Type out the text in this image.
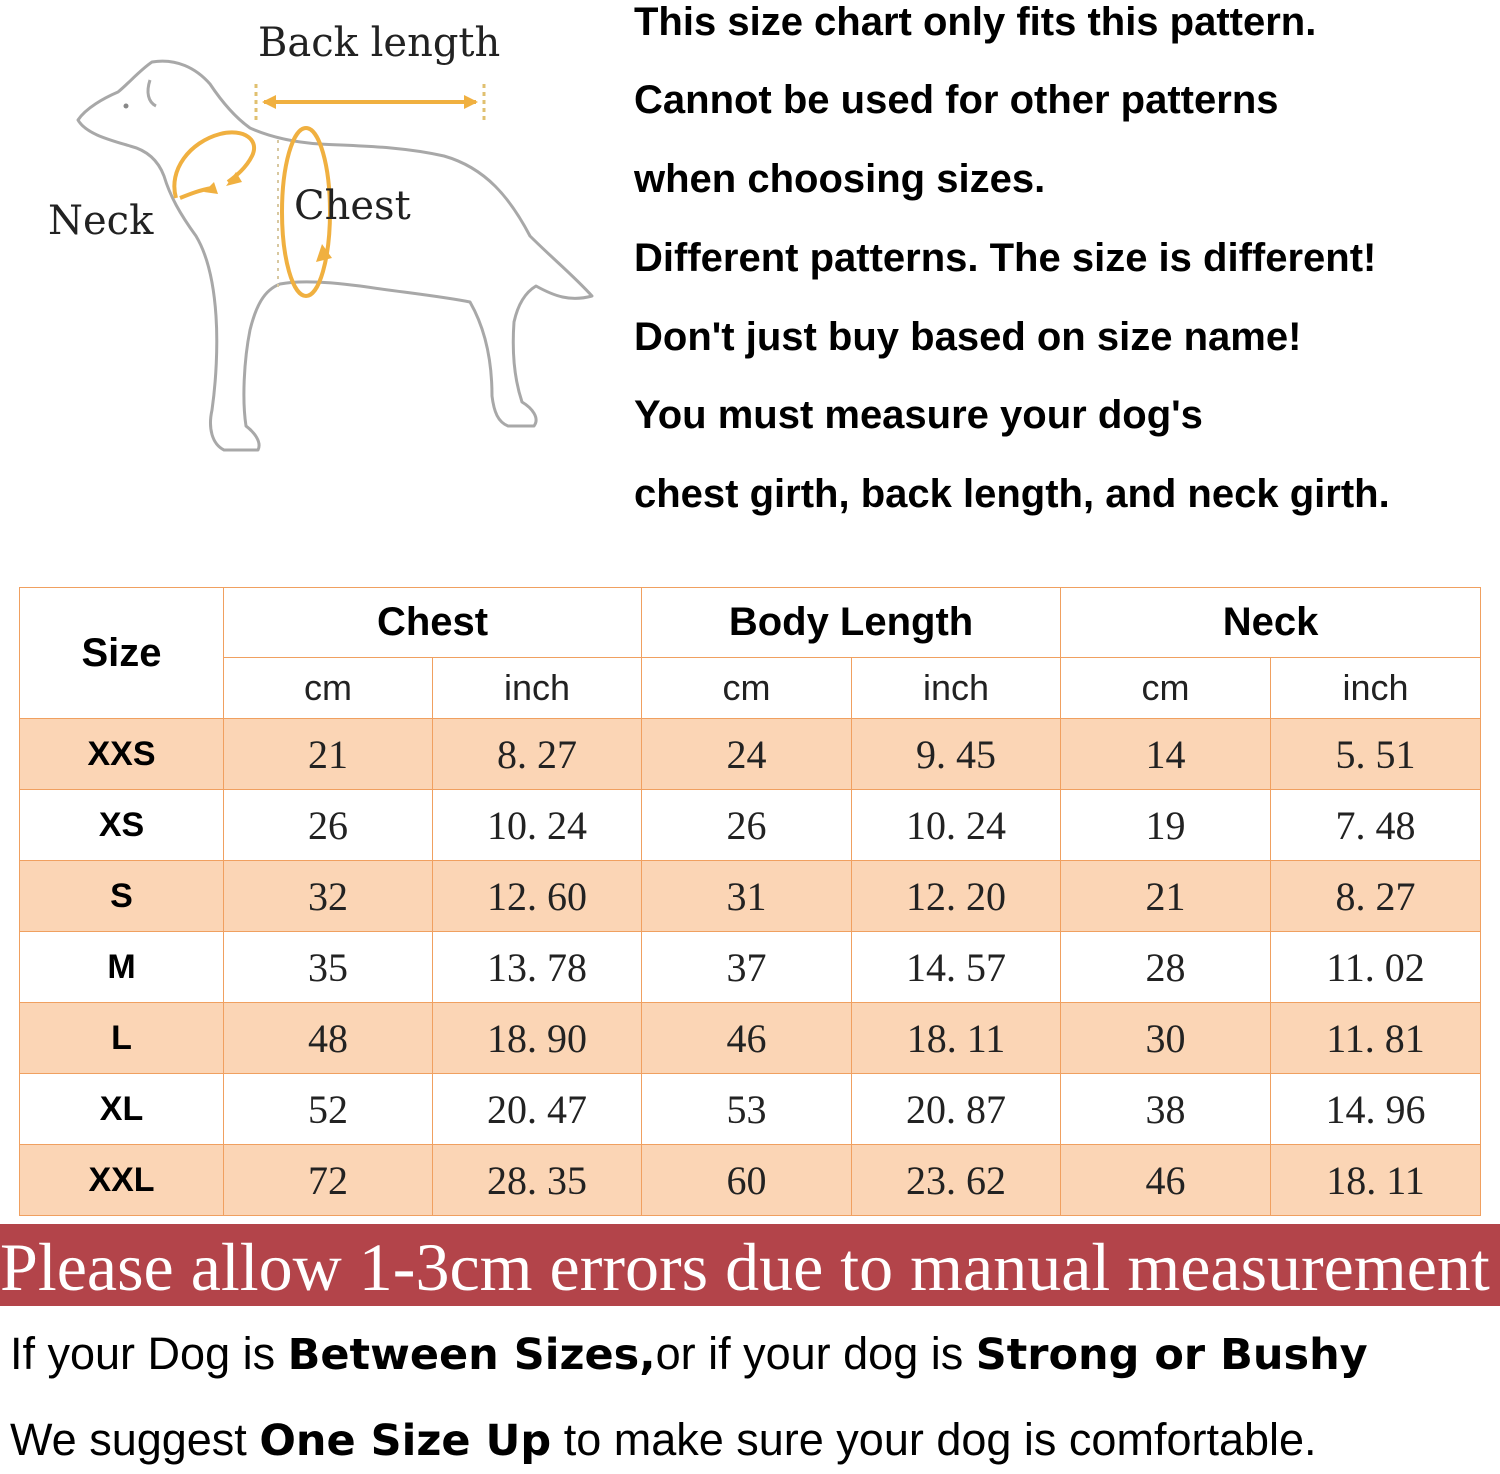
Back length
Neck	Chest
This size chart only fits this pattern.
Cannot be used for other patterns
when choosing sizes.
Different patterns. The size is different!
Don't just buy based on size name!
You must measure your dog's
chest girth, back length, and neck girth.
Size	Chest		Body Length		Neck	
	cm	inch	cm	inch	cm	inch
XXS	21	8. 27	24	9. 45	14	5. 51
XS	26	10. 24	26	10. 24	19	7. 48
S	32	12. 60	31	12. 20	21	8. 27
M	35	13. 78	37	14. 57	28	11. 02
L	48	18. 90	46	18. 11	30	11. 81
XL	52	20. 47	53	20. 87	38	14. 96
XXL	72	28. 35	60	23. 62	46	18. 11
Please allow 1-3cm errors due to manual measurement
If your Dog is Between Sizes,or if your dog is Strong or Bushy
We suggest One Size Up to make sure your dog is comfortable.
